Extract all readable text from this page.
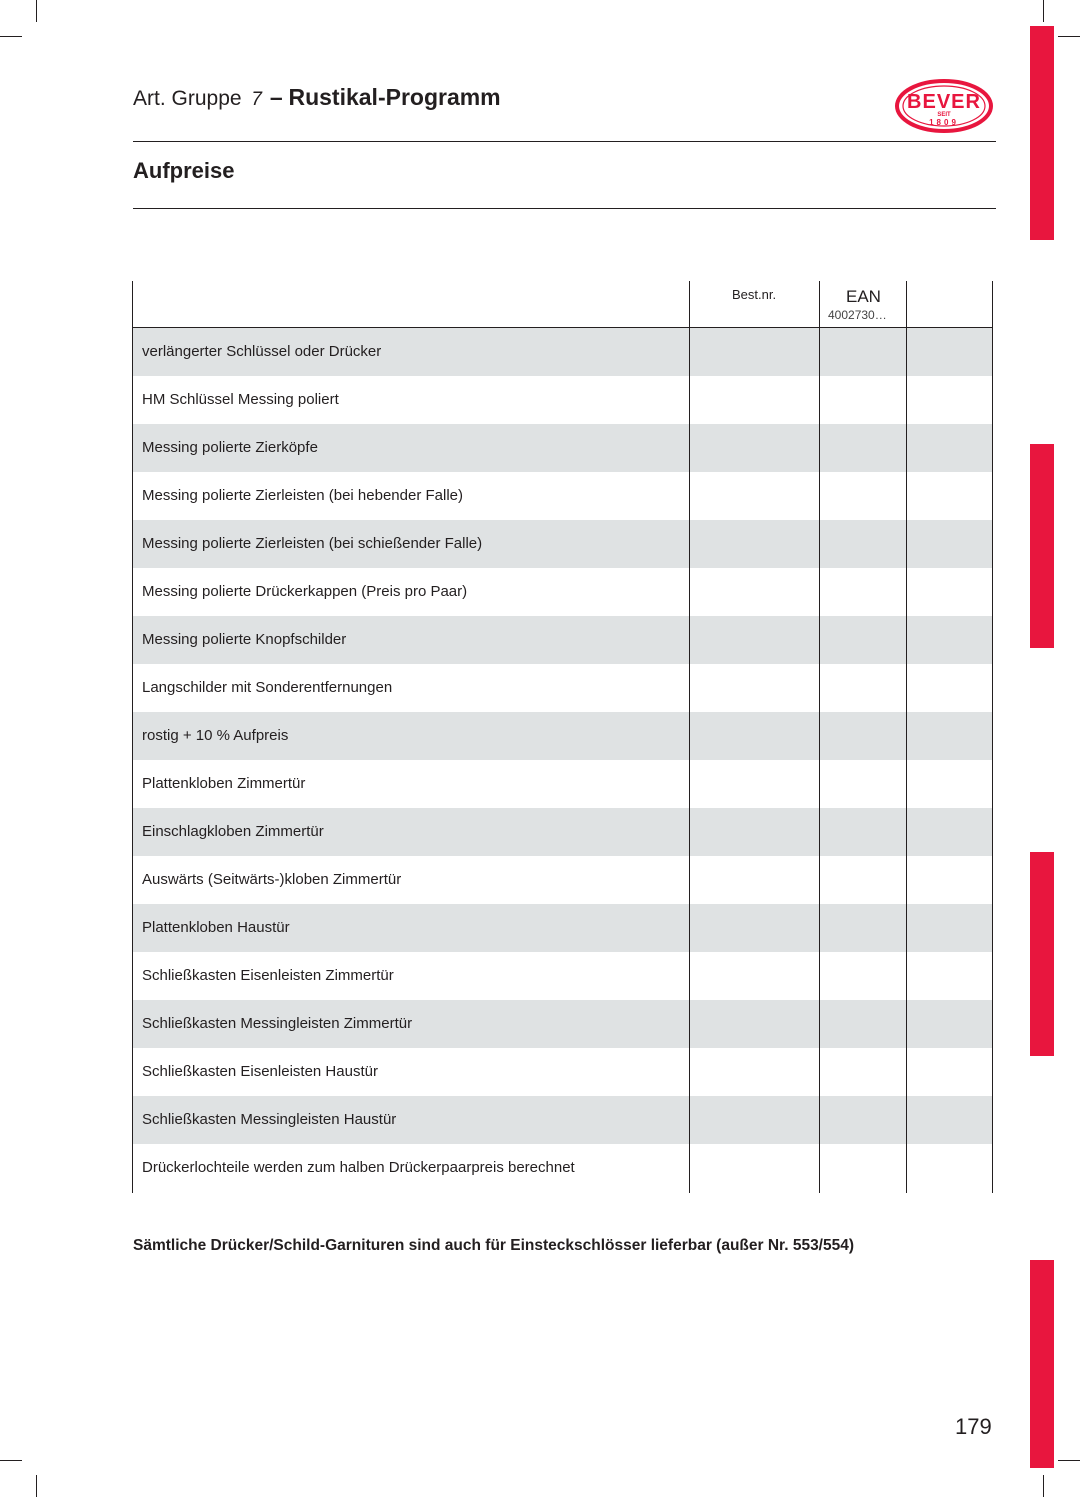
Art. Gruppe 7 – Rustikal-Programm	BEVER
SEIT
1809
Aufpreise
Best.nr.	EAN
4002730…
verlängerter Schlüssel oder Drücker
HM Schlüssel Messing poliert
Messing polierte Zierköpfe
Messing polierte Zierleisten (bei hebender Falle)
Messing polierte Zierleisten (bei schießender Falle)
Messing polierte Drückerkappen (Preis pro Paar)
Messing polierte Knopfschilder
Langschilder mit Sonderentfernungen
rostig + 10 % Aufpreis
Plattenkloben Zimmertür
Einschlagkloben Zimmertür
Auswärts (Seitwärts-)kloben Zimmertür
Plattenkloben Haustür
Schließkasten Eisenleisten Zimmertür
Schließkasten Messingleisten Zimmertür
Schließkasten Eisenleisten Haustür
Schließkasten Messingleisten Haustür
Drückerlochteile werden zum halben Drückerpaarpreis berechnet
Sämtliche Drücker/Schild-Garnituren sind auch für Einsteckschlösser lieferbar (außer Nr. 553/554)
179
